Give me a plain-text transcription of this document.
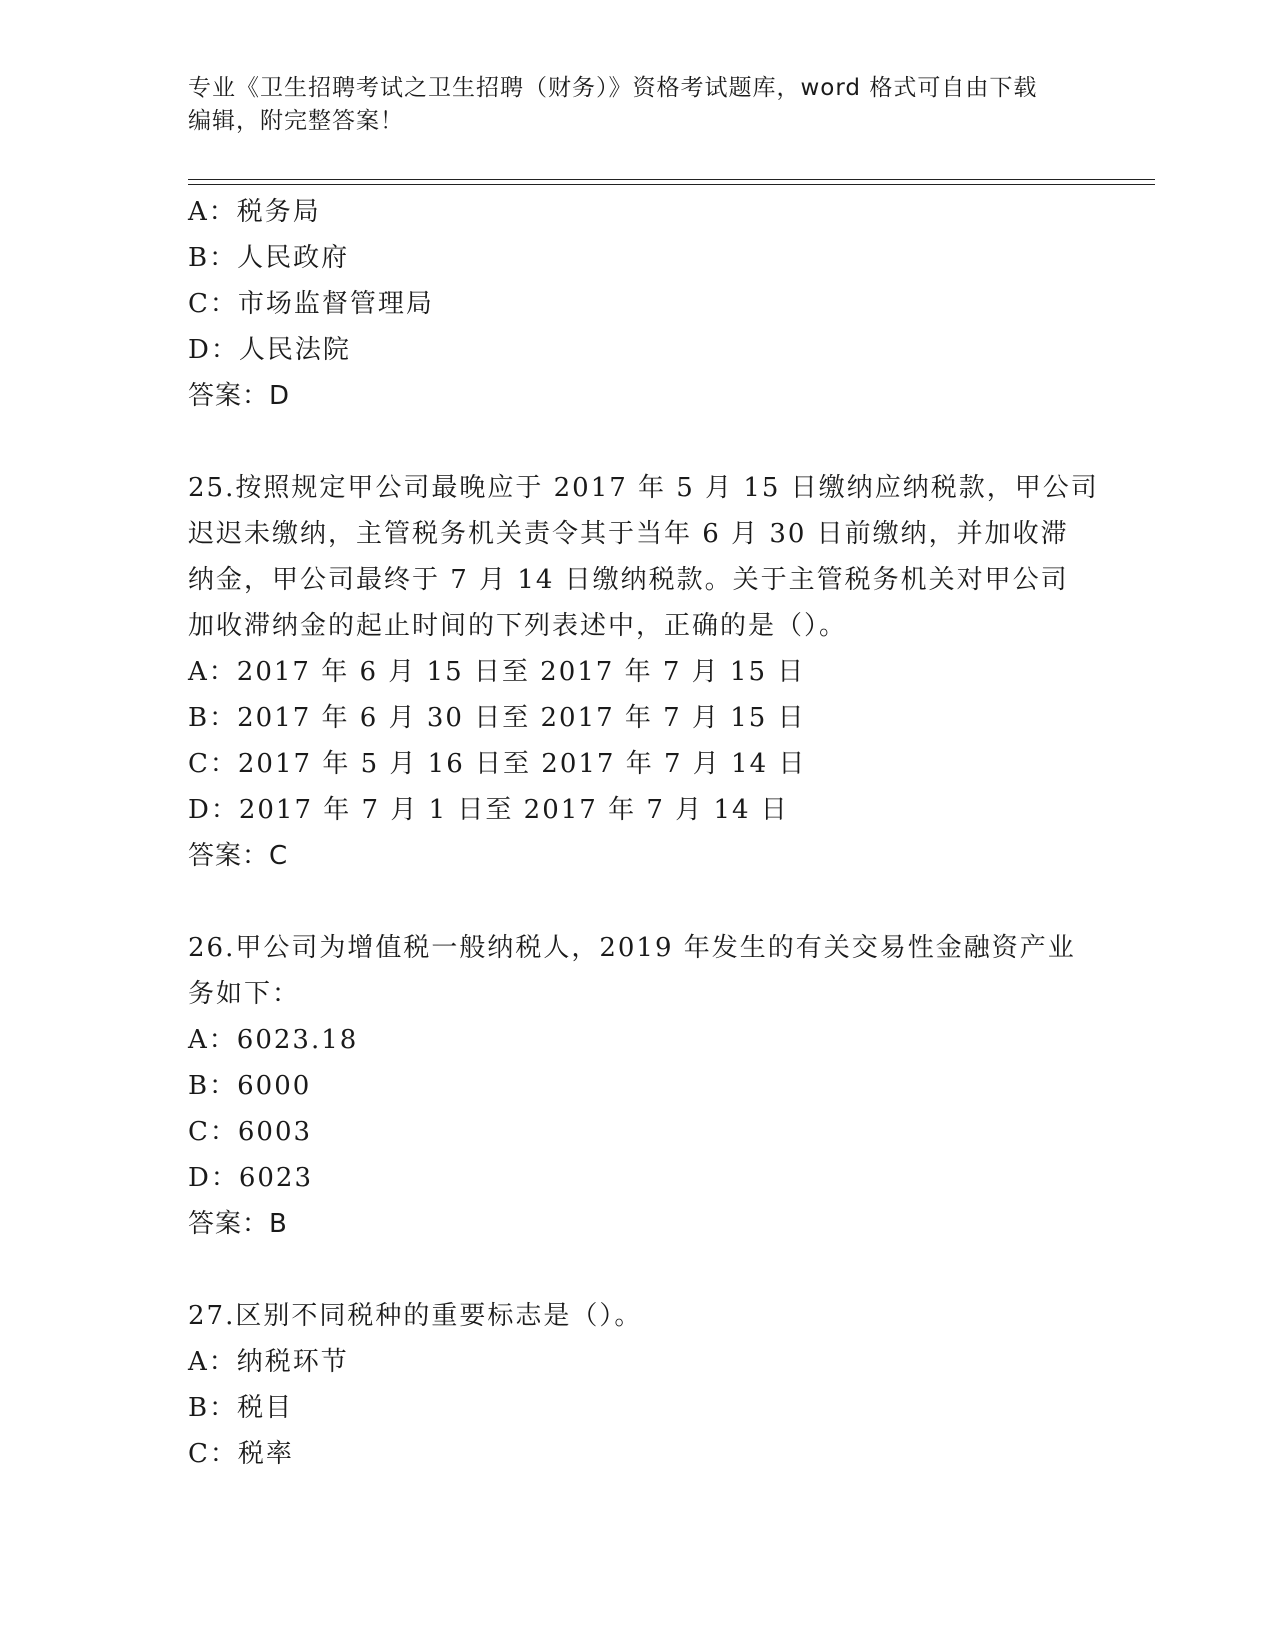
专业《卫生招聘考试之卫生招聘（财务）》资格考试题库，word 格式可自由下载
编辑，附完整答案！
A：税务局
B：人民政府
C：市场监督管理局
D：人民法院
答案：D
25.按照规定甲公司最晚应于 2017 年 5 月 15 日缴纳应纳税款，甲公司
迟迟未缴纳，主管税务机关责令其于当年 6 月 30 日前缴纳，并加收滞
纳金，甲公司最终于 7 月 14 日缴纳税款。关于主管税务机关对甲公司
加收滞纳金的起止时间的下列表述中，正确的是（）。
A：2017 年 6 月 15 日至 2017 年 7 月 15 日
B：2017 年 6 月 30 日至 2017 年 7 月 15 日
C：2017 年 5 月 16 日至 2017 年 7 月 14 日
D：2017 年 7 月 1 日至 2017 年 7 月 14 日
答案：C
26.甲公司为增值税一般纳税人，2019 年发生的有关交易性金融资产业
务如下：
A：6023.18
B：6000
C：6003
D：6023
答案：B
27.区别不同税种的重要标志是（）。
A：纳税环节
B：税目
C：税率
